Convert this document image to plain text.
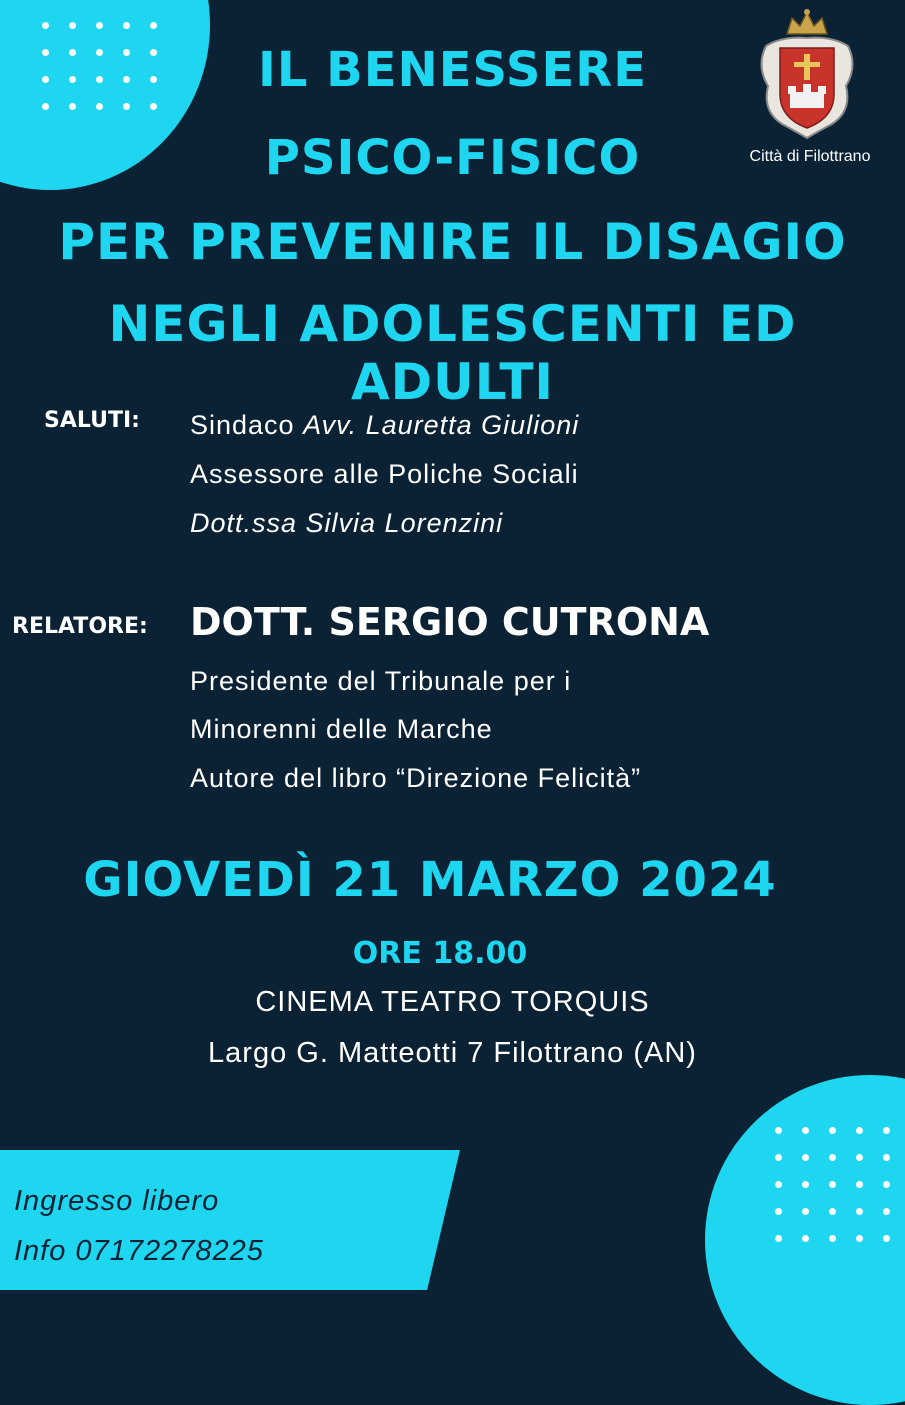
Città di Filottrano
IL BENESSERE
PSICO-FISICO
PER PREVENIRE IL DISAGIO
NEGLI ADOLESCENTI ED ADULTI
SALUTI: Sindaco Avv. Lauretta Giulioni
Assessore alle Poliche Sociali
Dott.ssa Silvia Lorenzini
RELATORE: DOTT. SERGIO CUTRONA
Presidente del Tribunale per i
Minorenni delle Marche
Autore del libro “Direzione Felicità”
GIOVEDÌ 21 MARZO 2024
ORE 18.00
CINEMA TEATRO TORQUIS
Largo G. Matteotti 7 Filottrano (AN)
Ingresso libero
Info 07172278225
